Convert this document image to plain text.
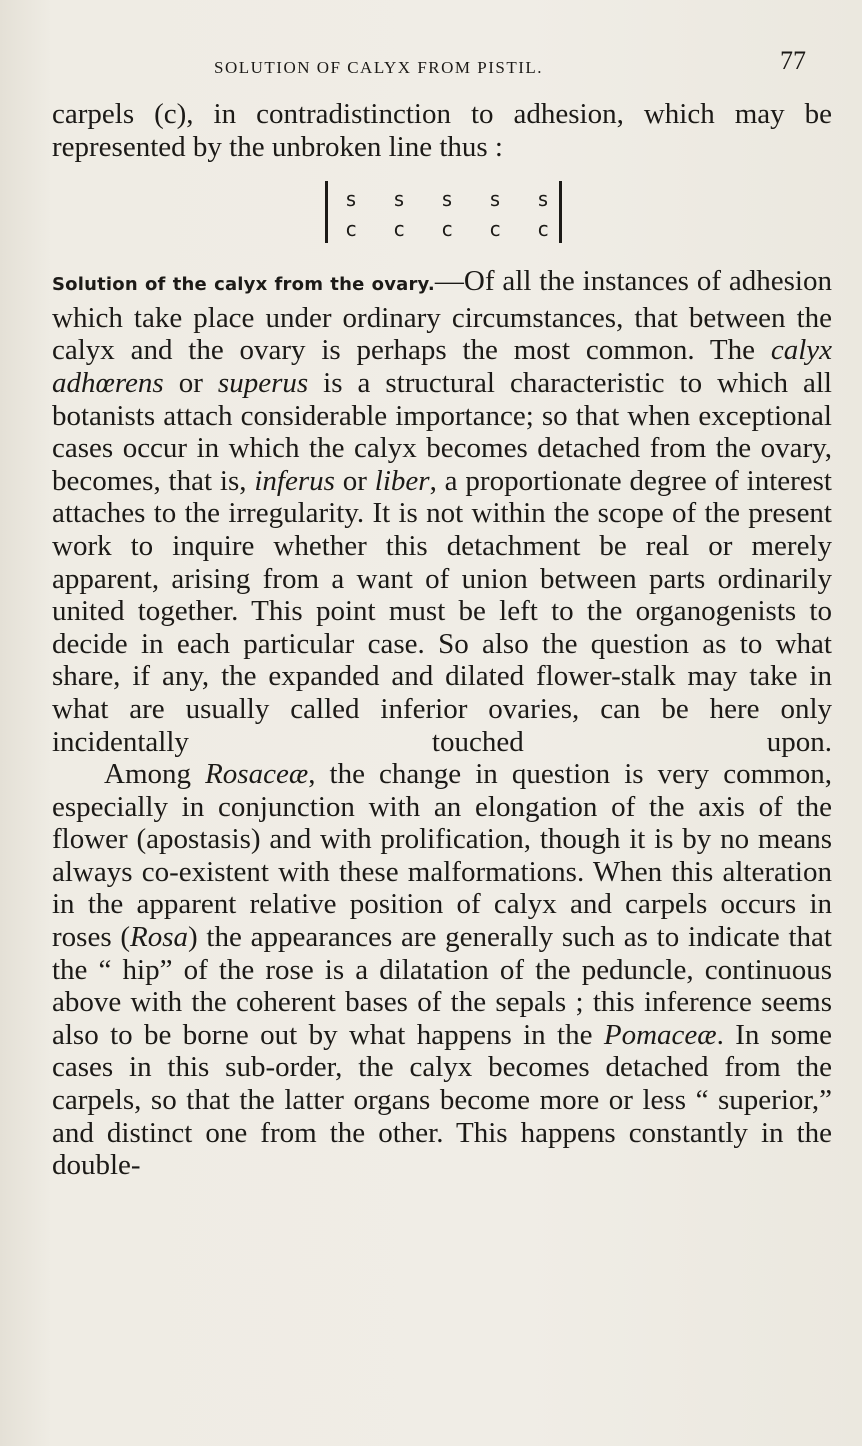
SOLUTION OF CALYX FROM PISTIL.	77

carpels (c), in contradistinction to adhesion, which may be represented by the unbroken line thus :

s s s s s
c c c c c

Solution of the calyx from the ovary.—Of all the instances of adhesion which take place under ordinary circumstances, that between the calyx and the ovary is perhaps the most common. The calyx adhœrens or superus is a structural characteristic to which all botanists attach considerable importance; so that when exceptional cases occur in which the calyx becomes detached from the ovary, becomes, that is, inferus or liber, a proportionate degree of interest attaches to the irregularity. It is not within the scope of the present work to inquire whether this detachment be real or merely apparent, arising from a want of union between parts ordinarily united together. This point must be left to the organogenists to decide in each particular case. So also the question as to what share, if any, the expanded and dilated flower-stalk may take in what are usually called inferior ovaries, can be here only incidentally touched upon.

Among Rosaceæ, the change in question is very common, especially in conjunction with an elongation of the axis of the flower (apostasis) and with prolification, though it is by no means always co-existent with these malformations. When this alteration in the apparent relative position of calyx and carpels occurs in roses (Rosa) the appearances are generally such as to indicate that the “ hip” of the rose is a dilatation of the peduncle, continuous above with the coherent bases of the sepals ; this inference seems also to be borne out by what happens in the Pomaceæ. In some cases in this sub-order, the calyx becomes detached from the carpels, so that the latter organs become more or less “ superior,” and distinct one from the other. This happens constantly in the double-
